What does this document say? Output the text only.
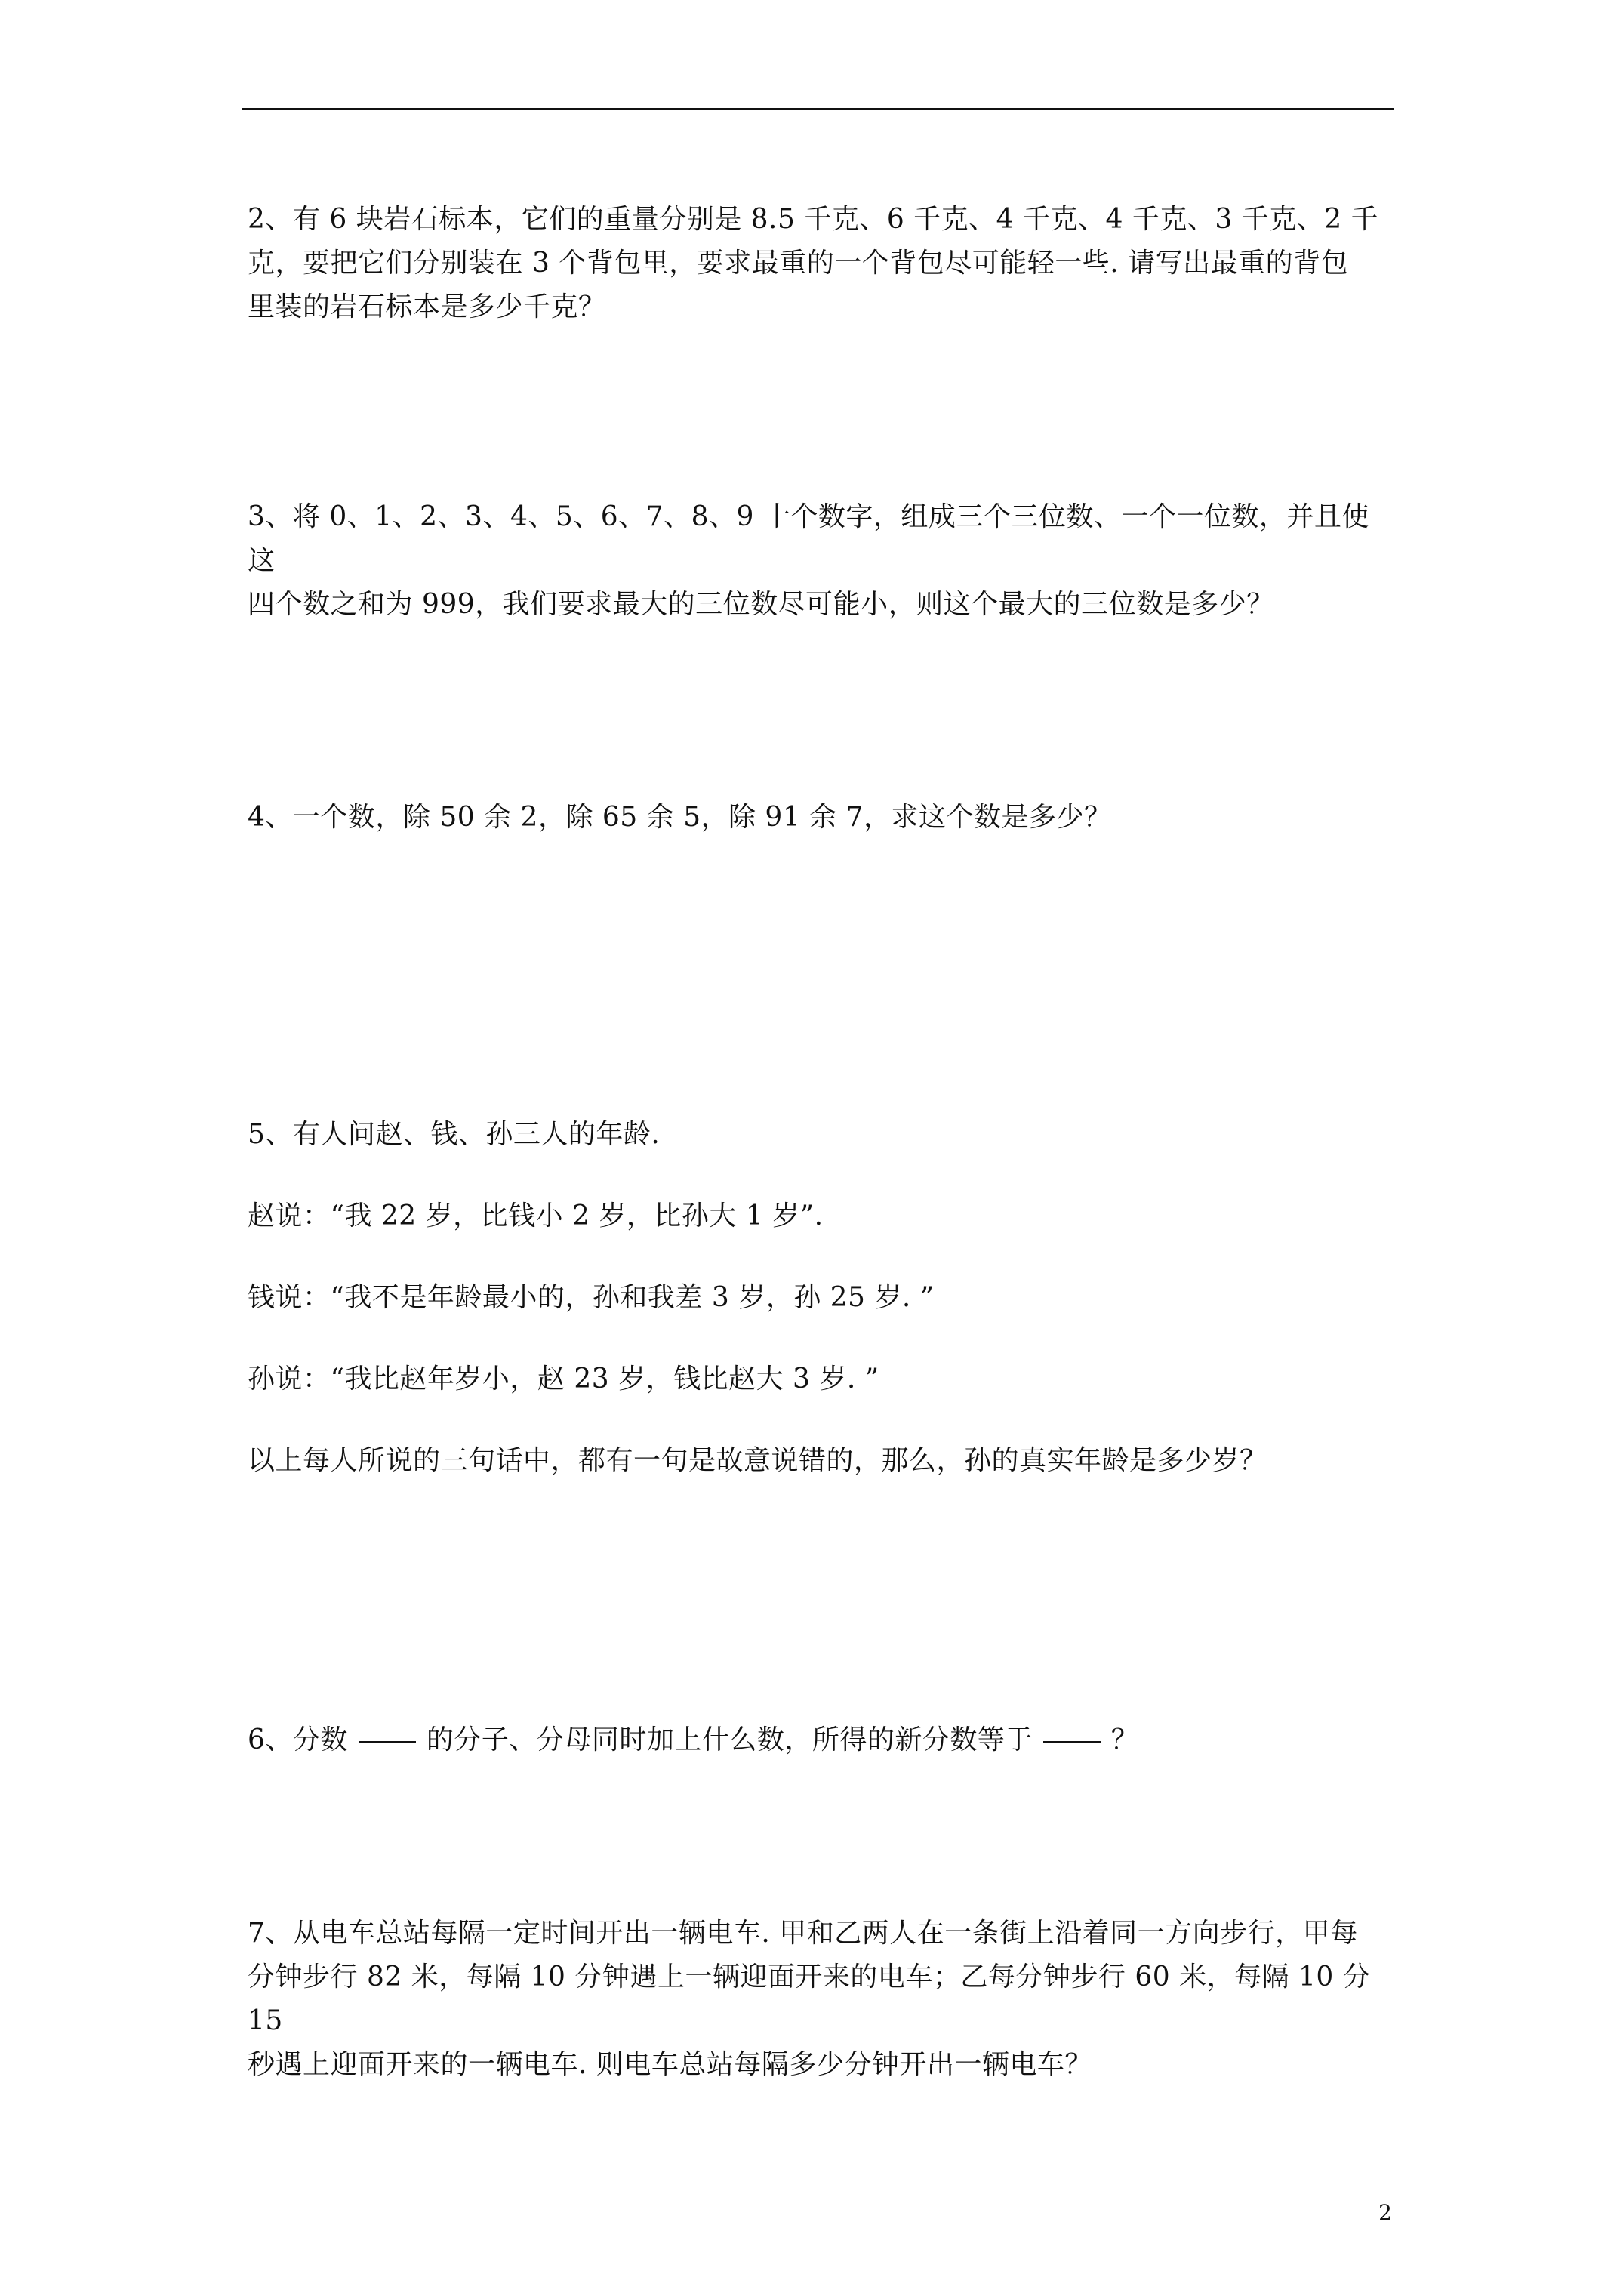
2、有 6 块岩石标本，它们的重量分别是 8.5 千克、6 千克、4 千克、4 千克、3 千克、2 千

克，要把它们分别装在 3 个背包里，要求最重的一个背包尽可能轻一些. 请写出最重的背包

里装的岩石标本是多少千克？

3、将 0、1、2、3、4、5、6、7、8、9 十个数字，组成三个三位数、一个一位数，并且使这

四个数之和为 999，我们要求最大的三位数尽可能小，则这个最大的三位数是多少？

4、一个数，除 50 余 2，除 65 余 5，除 91 余 7，求这个数是多少？

5、有人问赵、钱、孙三人的年龄.

赵说：“我 22 岁，比钱小 2 岁，比孙大 1 岁”.

钱说：“我不是年龄最小的，孙和我差 3 岁，孙 25 岁. ”

孙说：“我比赵年岁小，赵 23 岁，钱比赵大 3 岁. ”

以上每人所说的三句话中，都有一句是故意说错的，那么，孙的真实年龄是多少岁？

6、分数	的分子、分母同时加上什么数，所得的新分数等于	？

7、从电车总站每隔一定时间开出一辆电车. 甲和乙两人在一条街上沿着同一方向步行，甲每

分钟步行 82 米，每隔 10 分钟遇上一辆迎面开来的电车；乙每分钟步行 60 米，每隔 10 分 15

秒遇上迎面开来的一辆电车. 则电车总站每隔多少分钟开出一辆电车？

2
